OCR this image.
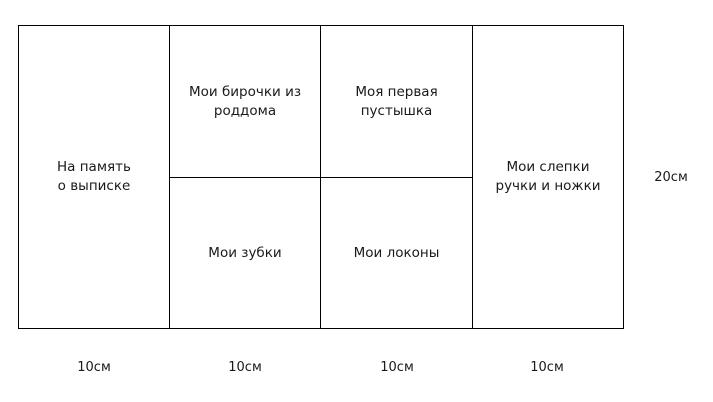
На память
о выписке
Мои бирочки из
роддома
Моя первая
пустышка
Мои зубки	Мои локоны
Мои слепки
ручки и ножки
20см
10см	10см	10см	10см
